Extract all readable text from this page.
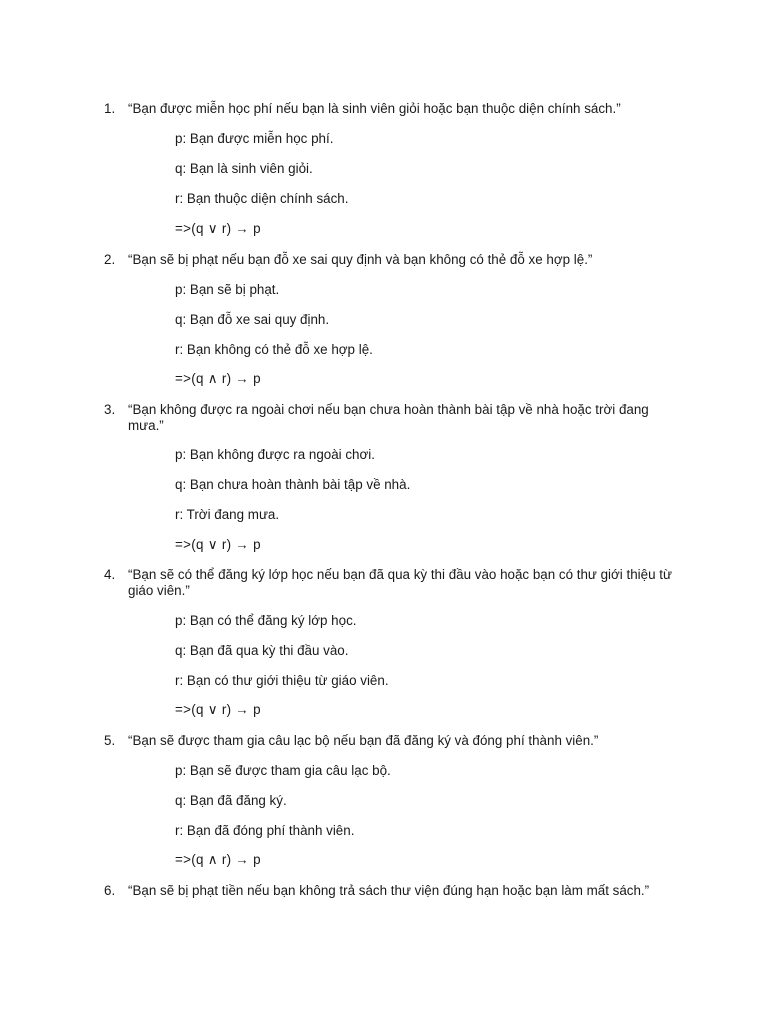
1. “Bạn được miễn học phí nếu bạn là sinh viên giỏi hoặc bạn thuộc diện chính sách.”
p: Bạn được miễn học phí.
q: Bạn là sinh viên giỏi.
r: Bạn thuộc diện chính sách.
=>(q ∨ r) → p
2. “Bạn sẽ bị phạt nếu bạn đỗ xe sai quy định và bạn không có thẻ đỗ xe hợp lệ.”
p: Bạn sẽ bị phạt.
q: Bạn đỗ xe sai quy định.
r: Bạn không có thẻ đỗ xe hợp lệ.
=>(q ∧ r) → p
3. “Bạn không được ra ngoài chơi nếu bạn chưa hoàn thành bài tập về nhà hoặc trời đang mưa.”
p: Bạn không được ra ngoài chơi.
q: Bạn chưa hoàn thành bài tập về nhà.
r: Trời đang mưa.
=>(q ∨ r) → p
4. “Bạn sẽ có thể đăng ký lớp học nếu bạn đã qua kỳ thi đầu vào hoặc bạn có thư giới thiệu từ giáo viên.”
p: Bạn có thể đăng ký lớp học.
q: Bạn đã qua kỳ thi đầu vào.
r: Bạn có thư giới thiệu từ giáo viên.
=>(q ∨ r) → p
5. “Bạn sẽ được tham gia câu lạc bộ nếu bạn đã đăng ký và đóng phí thành viên.”
p: Bạn sẽ được tham gia câu lạc bộ.
q: Bạn đã đăng ký.
r: Bạn đã đóng phí thành viên.
=>(q ∧ r) → p
6. “Bạn sẽ bị phạt tiền nếu bạn không trả sách thư viện đúng hạn hoặc bạn làm mất sách.”
